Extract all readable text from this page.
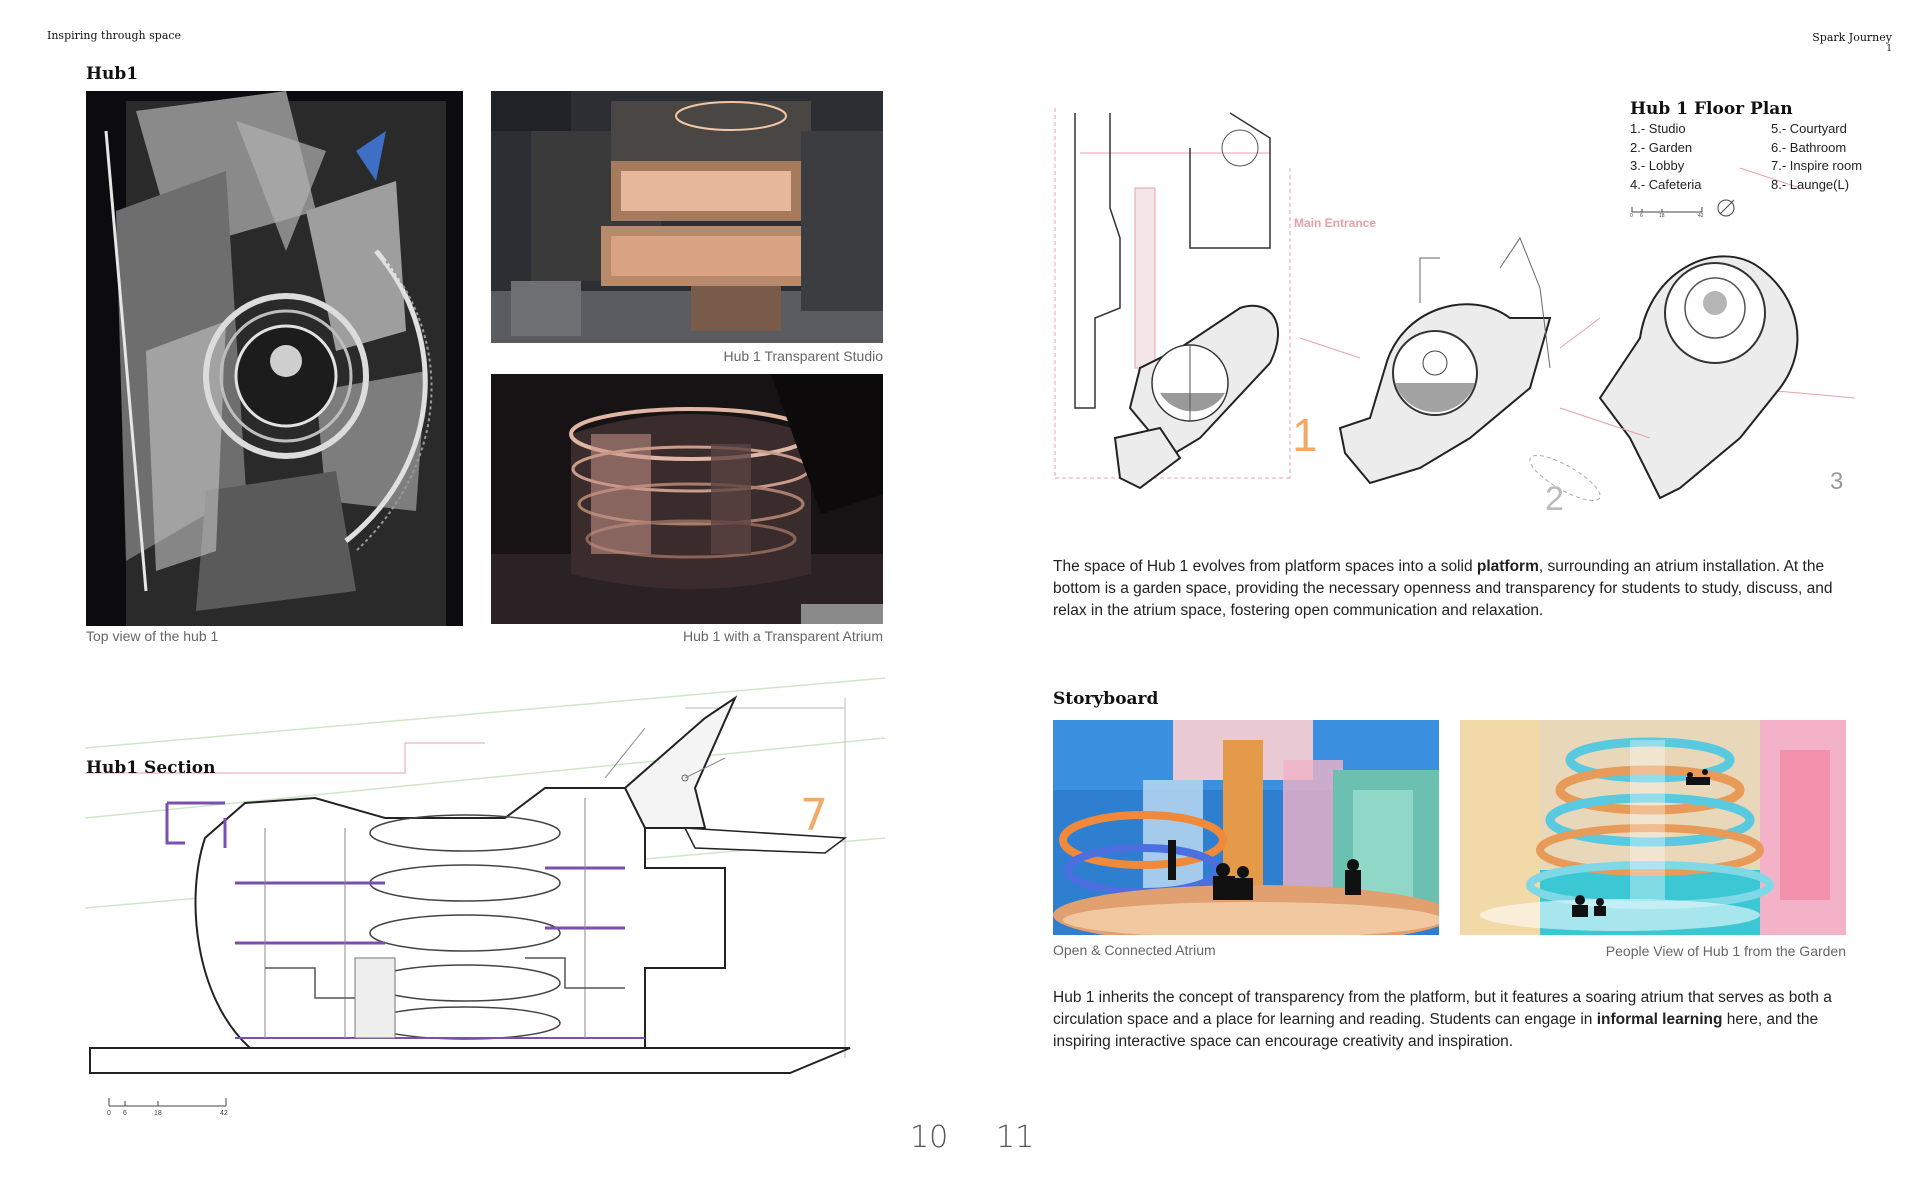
Inspiring through space	Spark Journey
1
Hub1
Top view of the hub 1
Hub 1 Transparent Studio
Hub 1 with a Transparent Atrium
Hub1 Section
7
0 6	18	42
Main Entrance
1
2	3
Hub 1 Floor Plan
1.- Studio
2.- Garden
3.- Lobby
4.- Cafeteria
5.- Courtyard
6.- Bathroom
7.- Inspire room
8.- Launge(L)
0 6	18	42
The space of Hub 1 evolves from platform spaces into a solid platform, surrounding an atrium installation. At the bottom is a garden space, providing the necessary openness and transparency for students to study, discuss, and relax in the atrium space, fostering open communication and relaxation.
Storyboard
Open & Connected Atrium	People View of Hub 1 from the Garden
Hub 1 inherits the concept of transparency from the platform, but it features a soaring atrium that serves as both a circulation space and a place for learning and reading. Students can engage in informal learning here, and the inspiring interactive space can encourage creativity and inspiration.
10 11
